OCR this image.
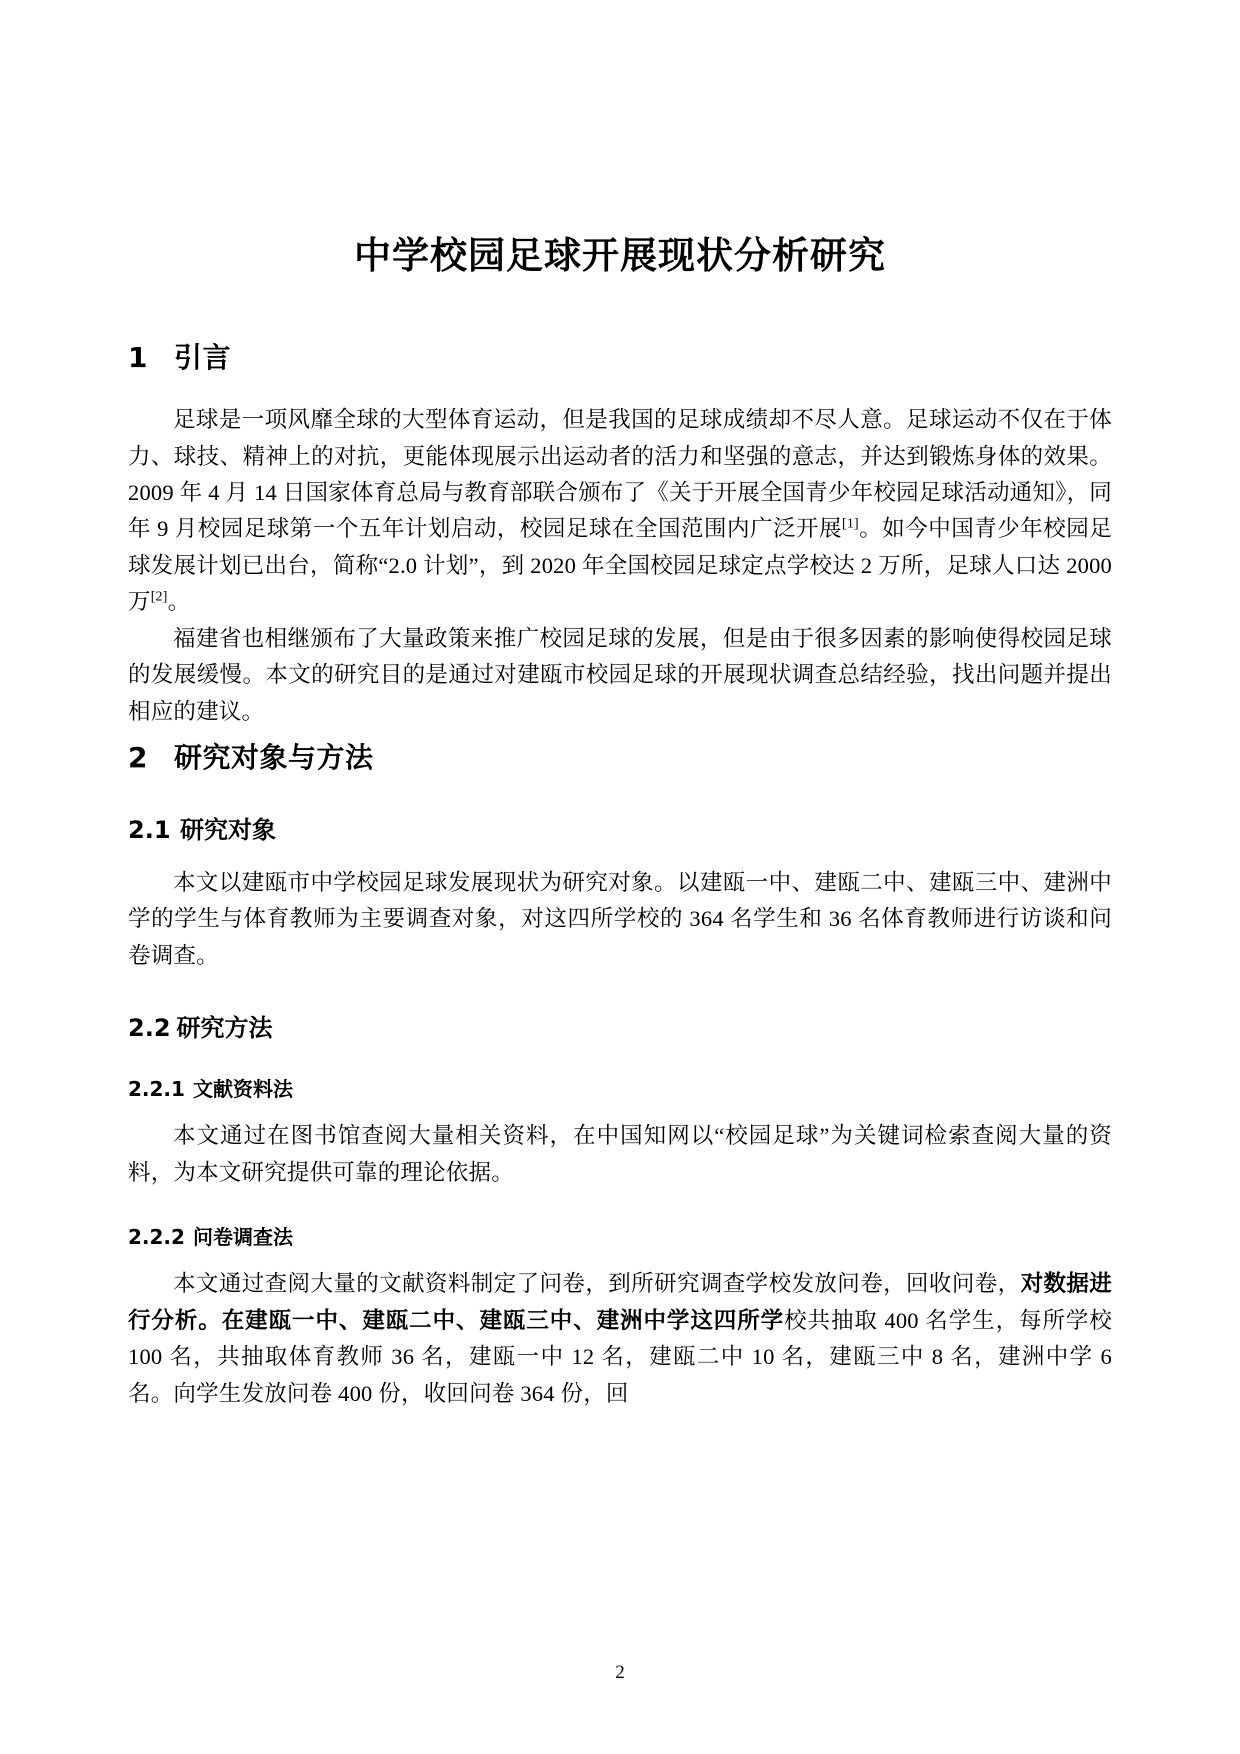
中学校园足球开展现状分析研究
1 引言

足球是一项风靡全球的大型体育运动，但是我国的足球成绩却不尽人意。足球运动不仅在于体力、球技、精神上的对抗，更能体现展示出运动者的活力和坚强的意志，并达到锻炼身体的效果。2009 年 4 月 14 日国家体育总局与教育部联合颁布了《关于开展全国青少年校园足球活动通知》，同年 9 月校园足球第一个五年计划启动，校园足球在全国范围内广泛开展[1]。如今中国青少年校园足球发展计划已出台，简称“2.0 计划”，到 2020 年全国校园足球定点学校达 2 万所，足球人口达 2000 万[2]。

福建省也相继颁布了大量政策来推广校园足球的发展，但是由于很多因素的影响使得校园足球的发展缓慢。本文的研究目的是通过对建瓯市校园足球的开展现状调查总结经验，找出问题并提出相应的建议。

2 研究对象与方法
2.1 研究对象

本文以建瓯市中学校园足球发展现状为研究对象。以建瓯一中、建瓯二中、建瓯三中、建洲中学的学生与体育教师为主要调查对象，对这四所学校的 364 名学生和 36 名体育教师进行访谈和问卷调查。

2.2 研究方法
2.2.1 文献资料法

本文通过在图书馆查阅大量相关资料，在中国知网以“校园足球”为关键词检索查阅大量的资料，为本文研究提供可靠的理论依据。

2.2.2 问卷调查法

本文通过查阅大量的文献资料制定了问卷，到所研究调查学校发放问卷，回收问卷，对数据进行分析。在建瓯一中、建瓯二中、建瓯三中、建洲中学这四所学校共抽取 400 名学生，每所学校 100 名，共抽取体育教师 36 名，建瓯一中 12 名，建瓯二中 10 名，建瓯三中 8 名，建洲中学 6 名。向学生发放问卷 400 份，收回问卷 364 份，回

2
